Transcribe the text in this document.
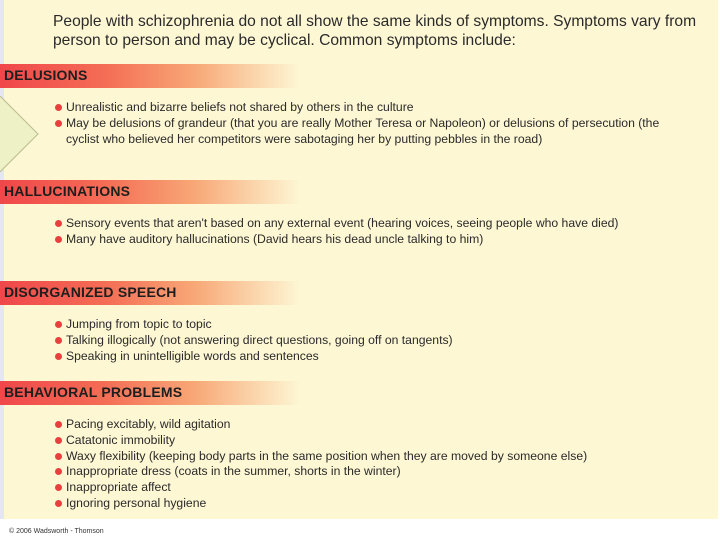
People with schizophrenia do not all show the same kinds of symptoms. Symptoms vary from person to person and may be cyclical. Common symptoms include:
DELUSIONS
Unrealistic and bizarre beliefs not shared by others in the culture
May be delusions of grandeur (that you are really Mother Teresa or Napoleon) or delusions of persecution (the cyclist who believed her competitors were sabotaging her by putting pebbles in the road)
HALLUCINATIONS
Sensory events that aren't based on any external event (hearing voices, seeing people who have died)
Many have auditory hallucinations (David hears his dead uncle talking to him)
DISORGANIZED SPEECH
Jumping from topic to topic
Talking illogically (not answering direct questions, going off on tangents)
Speaking in unintelligible words and sentences
BEHAVIORAL PROBLEMS
Pacing excitably, wild agitation
Catatonic immobility
Waxy flexibility (keeping body parts in the same position when they are moved by someone else)
Inappropriate dress (coats in the summer, shorts in the winter)
Inappropriate affect
Ignoring personal hygiene
© 2006 Wadsworth - Thomson
